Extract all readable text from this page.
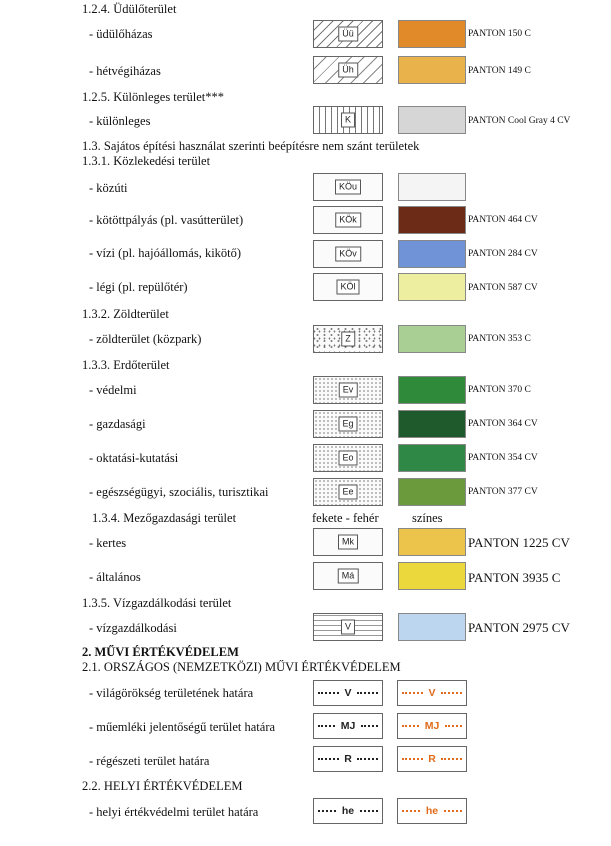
1.2.4. Üdülőterület
- üdülőházas	Üü	PANTON 150 C
- hétvégiházas	Üh	PANTON 149 C
1.2.5. Különleges terület***
- különleges	K	PANTON Cool Gray 4 CV
1.3. Sajátos építési használat szerinti beépítésre nem szánt területek
1.3.1. Közlekedési terület
- közúti	KÖu
- kötöttpályás (pl. vasútterület)	KÖk	PANTON 464 CV
- vízi (pl. hajóállomás, kikötő)	KÖv	PANTON 284 CV
- légi (pl. repülőtér)	KÖl	PANTON 587 CV
1.3.2. Zöldterület
- zöldterület (közpark)	Z	PANTON 353 C
1.3.3. Erdőterület
- védelmi	Ev	PANTON 370 C
- gazdasági	Eg	PANTON 364 CV
- oktatási-kutatási	Eo	PANTON 354 CV
- egészségügyi, szociális, turisztikai	Ee	PANTON 377 CV
1.3.4. Mezőgazdasági terület	fekete - fehér	színes
- kertes	Mk	PANTON 1225 CV
- általános	Má	PANTON 3935 C
1.3.5. Vízgazdálkodási terület
- vízgazdálkodási	V	PANTON 2975 CV
2. MŰVI ÉRTÉKVÉDELEM
2.1. ORSZÁGOS (NEMZETKÖZI) MŰVI ÉRTÉKVÉDELEM
- világörökség területének határa	V	V
- műemléki jelentőségű terület határa	MJ	MJ
- régészeti terület határa	R	R
2.2. HELYI ÉRTÉKVÉDELEM
- helyi értékvédelmi terület határa	he	he
